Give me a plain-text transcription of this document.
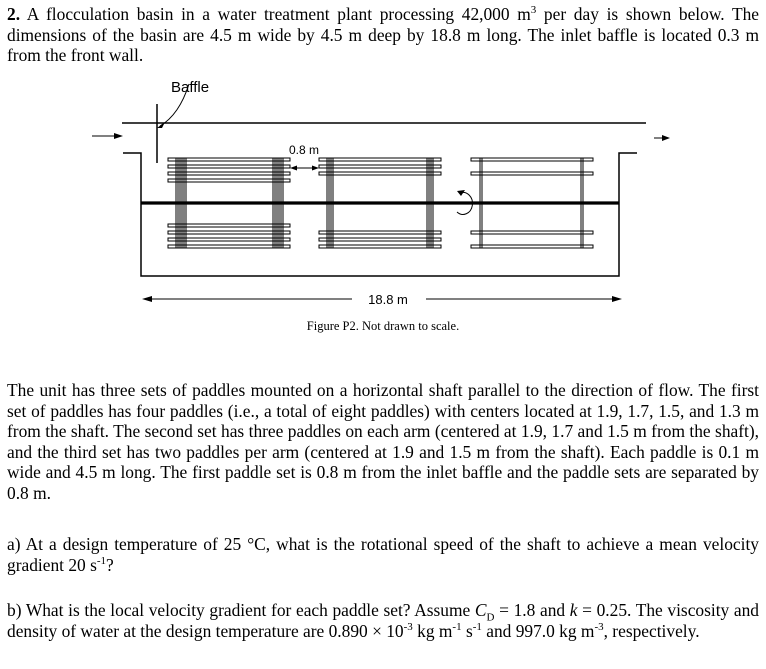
2. A flocculation basin in a water treatment plant processing 42,000 $m^3$ per day is shown below. The dimensions of the basin are 4.5 m wide by 4.5 m deep by 18.8 m long. The inlet baffle is located 0.3 m from the front wall.

Baffle
0.8 m
18.8 m
Figure P2. Not drawn to scale.

The unit has three sets of paddles mounted on a horizontal shaft parallel to the direction of flow. The first set of paddles has four paddles (i.e., a total of eight paddles) with centers located at 1.9, 1.7, 1.5, and 1.3 m from the shaft. The second set has three paddles on each arm (centered at 1.9, 1.7 and 1.5 m from the shaft), and the third set has two paddles per arm (centered at 1.9 and 1.5 m from the shaft). Each paddle is 0.1 m wide and 4.5 m long. The first paddle set is 0.8 m from the inlet baffle and the paddle sets are separated by 0.8 m.

a) At a design temperature of 25 °C, what is the rotational speed of the shaft to achieve a mean velocity gradient 20 $s^{-1}$?

b) What is the local velocity gradient for each paddle set? Assume $C_D = 1.8$ and k = 0.25. The viscosity and density of water at the design temperature are $0.890 \times 10^{-3}$ kg $m^{-1}$ $s^{-1}$ and 997.0 kg $m^{-3}$, respectively.
